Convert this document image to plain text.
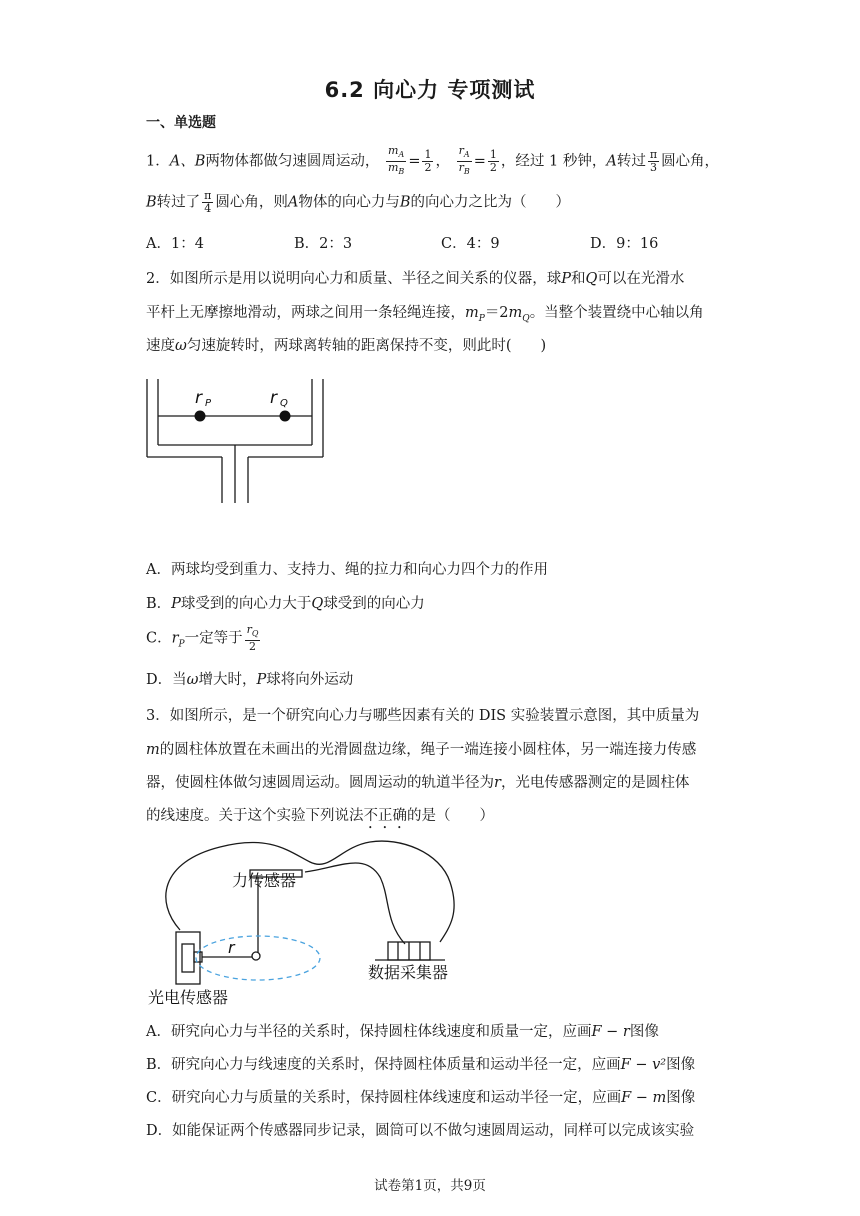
6.2 向心力 专项测试
一、单选题
1．A、B两物体都做匀速圆周运动， $\frac{m_A}{m_B} = \frac{1}{2}$ ， $\frac{r_A}{r_B} = \frac{1}{2}$ ，经过 1 秒钟，A转过 $\frac{\pi}{3}$ 圆心角，
B转过了 $\frac{\pi}{4}$ 圆心角，则A物体的向心力与B的向心力之比为（　　）
A．1：4	B．2：3	C．4：9	D．9：16
2．如图所示是用以说明向心力和质量、半径之间关系的仪器，球P和Q可以在光滑水
平杆上无摩擦地滑动，两球之间用一条轻绳连接，$m_P=2m_Q$。当整个装置绕中心轴以角
速度ω匀速旋转时，两球离转轴的距离保持不变，则此时(　　)
r P	r Q
A．两球均受到重力、支持力、绳的拉力和向心力四个力的作用
B．P球受到的向心力大于Q球受到的向心力
C．$r_P$一定等于 $\frac{r_Q}{2}$
D．当ω增大时，P球将向外运动
3．如图所示，是一个研究向心力与哪些因素有关的 DIS 实验装置示意图，其中质量为
m的圆柱体放置在未画出的光滑圆盘边缘，绳子一端连接小圆柱体，另一端连接力传感
器，使圆柱体做匀速圆周运动。圆周运动的轨道半径为r，光电传感器测定的是圆柱体
的线速度。关于这个实验下列说法不正确的是（　　）
r
力传感器
数据采集器
光电传感器
A．研究向心力与半径的关系时，保持圆柱体线速度和质量一定，应画F − r图像
B．研究向心力与线速度的关系时，保持圆柱体质量和运动半径一定，应画F − v²图像
C．研究向心力与质量的关系时，保持圆柱体线速度和运动半径一定，应画F − m图像
D．如能保证两个传感器同步记录，圆筒可以不做匀速圆周运动，同样可以完成该实验
试卷第1页，共9页
